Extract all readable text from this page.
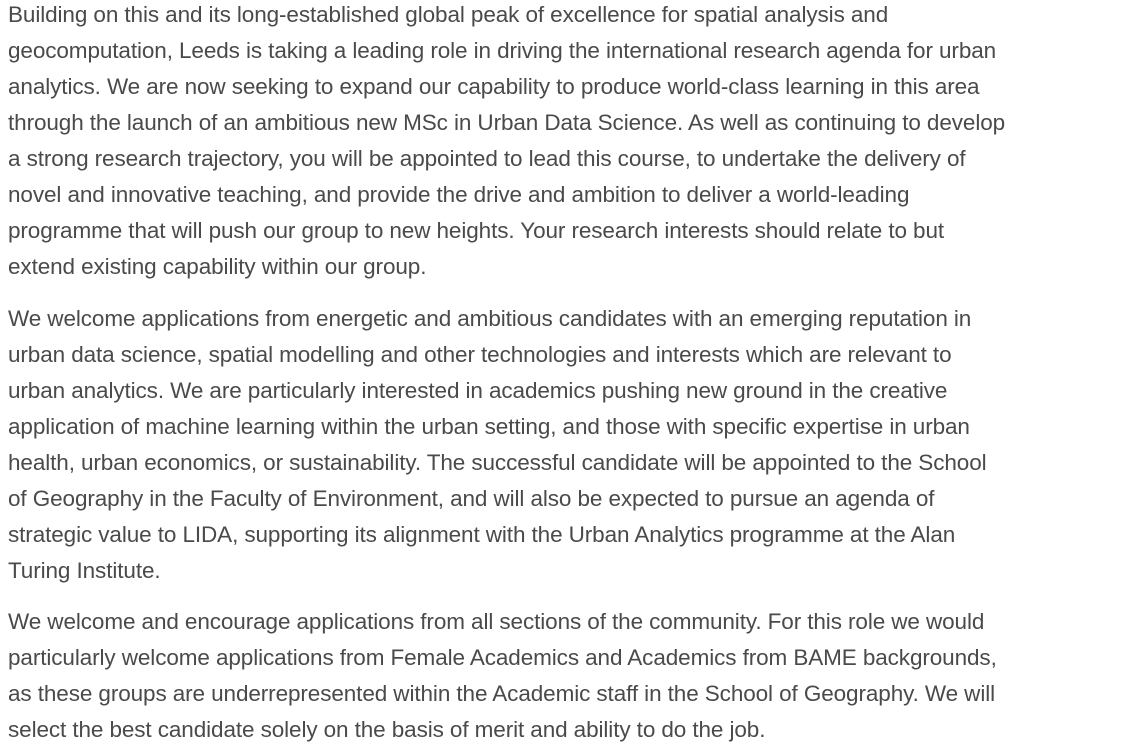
Building on this and its long-established global peak of excellence for spatial analysis and
geocomputation, Leeds is taking a leading role in driving the international research agenda for urban
analytics. We are now seeking to expand our capability to produce world-class learning in this area
through the launch of an ambitious new MSc in Urban Data Science. As well as continuing to develop
a strong research trajectory, you will be appointed to lead this course, to undertake the delivery of
novel and innovative teaching, and provide the drive and ambition to deliver a world-leading
programme that will push our group to new heights. Your research interests should relate to but
extend existing capability within our group.

We welcome applications from energetic and ambitious candidates with an emerging reputation in
urban data science, spatial modelling and other technologies and interests which are relevant to
urban analytics. We are particularly interested in academics pushing new ground in the creative
application of machine learning within the urban setting, and those with specific expertise in urban
health, urban economics, or sustainability. The successful candidate will be appointed to the School
of Geography in the Faculty of Environment, and will also be expected to pursue an agenda of
strategic value to LIDA, supporting its alignment with the Urban Analytics programme at the Alan
Turing Institute.

We welcome and encourage applications from all sections of the community. For this role we would
particularly welcome applications from Female Academics and Academics from BAME backgrounds,
as these groups are underrepresented within the Academic staff in the School of Geography. We will
select the best candidate solely on the basis of merit and ability to do the job.
